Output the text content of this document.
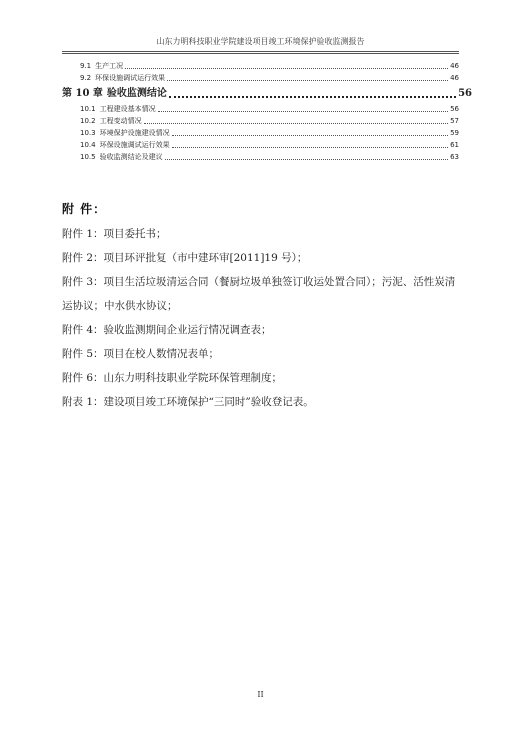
山东力明科技职业学院建设项目竣工环境保护验收监测报告
9.1 生产工况	46
9.2 环保设施调试运行效果	46
第 10 章 验收监测结论	56
10.1 工程建设基本情况	56
10.2 工程变动情况	57
10.3 环境保护设施建设情况	59
10.4 环保设施调试运行效果	61
10.5 验收监测结论及建议	63
附 件：

附件 1：项目委托书；

附件 2：项目环评批复（市中建环审[2011]19 号）；

附件 3：项目生活垃圾清运合同（餐厨垃圾单独签订收运处置合同）；污泥、活性炭清运协议；中水供水协议；

附件 4：验收监测期间企业运行情况调查表；

附件 5：项目在校人数情况表单；

附件 6：山东力明科技职业学院环保管理制度；

附表 1：建设项目竣工环境保护“三同时”验收登记表。

II
